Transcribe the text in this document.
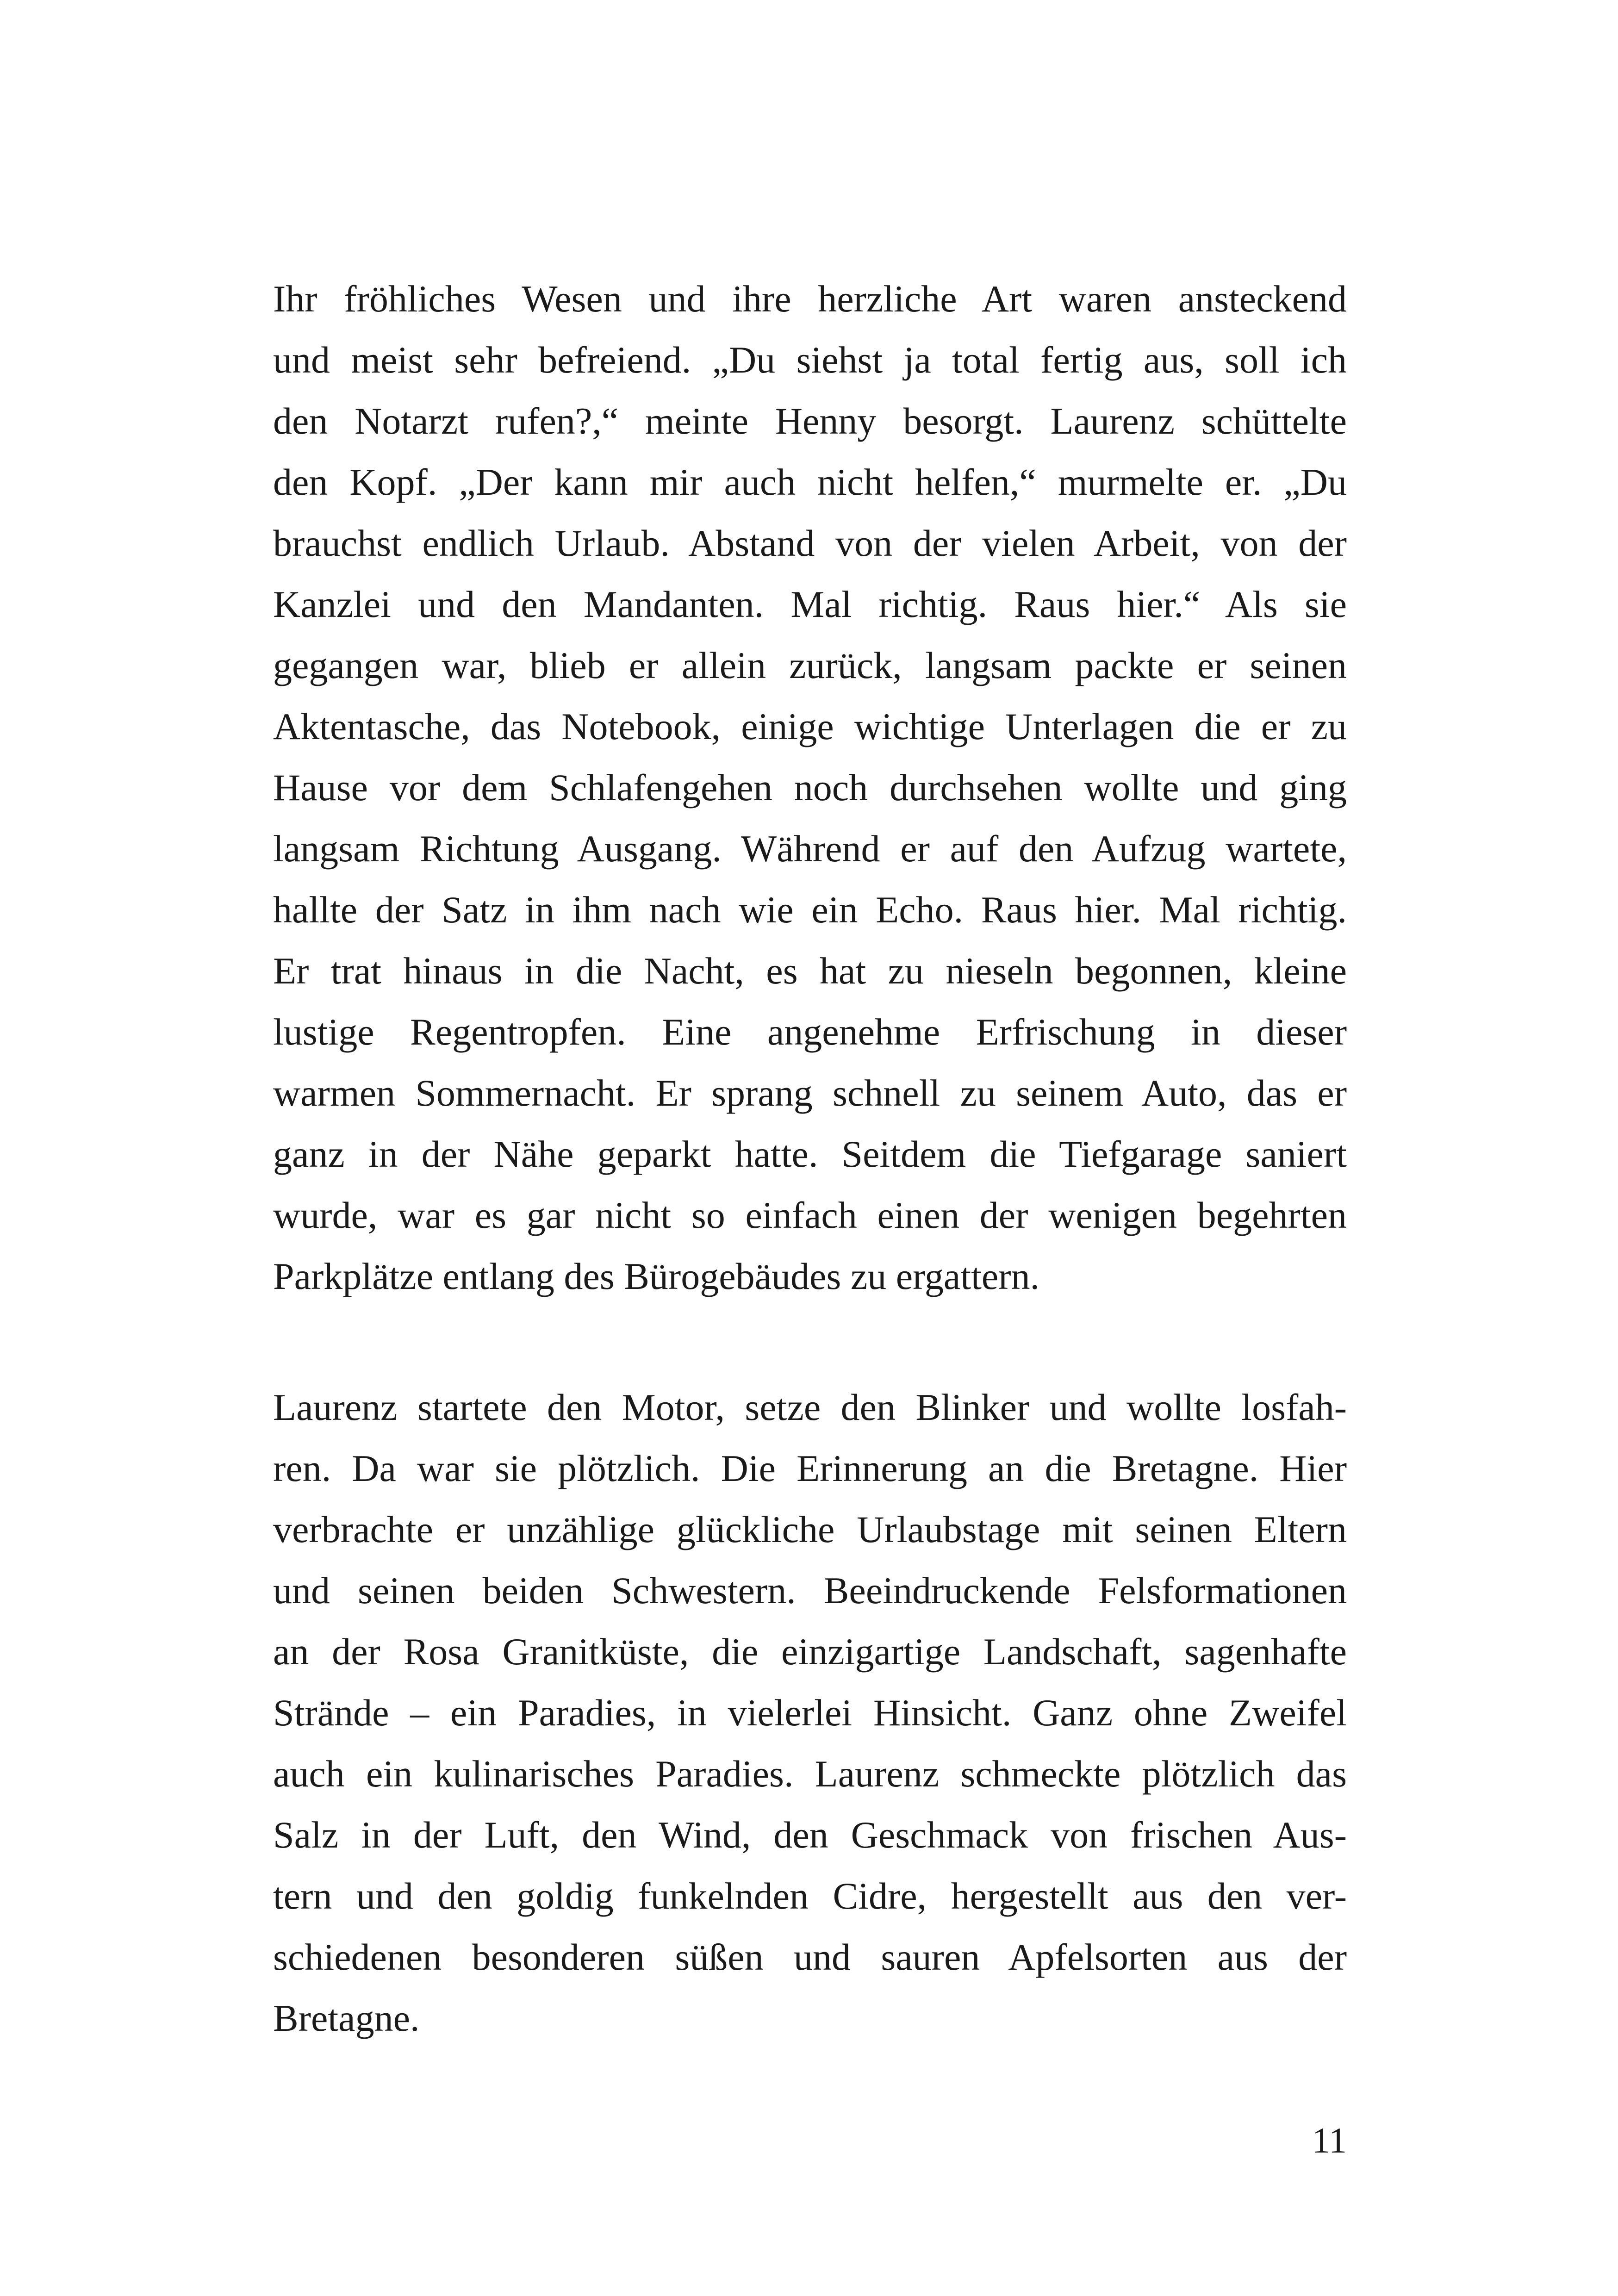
Ihr fröhliches Wesen und ihre herzliche Art waren ansteckend
und meist sehr befreiend. „Du siehst ja total fertig aus, soll ich
den Notarzt rufen?,“ meinte Henny besorgt. Laurenz schüttelte
den Kopf. „Der kann mir auch nicht helfen,“ murmelte er. „Du
brauchst endlich Urlaub. Abstand von der vielen Arbeit, von der
Kanzlei und den Mandanten. Mal richtig. Raus hier.“ Als sie
gegangen war, blieb er allein zurück, langsam packte er seinen
Aktentasche, das Notebook, einige wichtige Unterlagen die er zu
Hause vor dem Schlafengehen noch durchsehen wollte und ging
langsam Richtung Ausgang. Während er auf den Aufzug wartete,
hallte der Satz in ihm nach wie ein Echo. Raus hier. Mal richtig.
Er trat hinaus in die Nacht, es hat zu nieseln begonnen, kleine
lustige Regentropfen. Eine angenehme Erfrischung in dieser
warmen Sommernacht. Er sprang schnell zu seinem Auto, das er
ganz in der Nähe geparkt hatte. Seitdem die Tiefgarage saniert
wurde, war es gar nicht so einfach einen der wenigen begehrten
Parkplätze entlang des Bürogebäudes zu ergattern.
Laurenz startete den Motor, setze den Blinker und wollte losfah-
ren. Da war sie plötzlich. Die Erinnerung an die Bretagne. Hier
verbrachte er unzählige glückliche Urlaubstage mit seinen Eltern
und seinen beiden Schwestern. Beeindruckende Felsformationen
an der Rosa Granitküste, die einzigartige Landschaft, sagenhafte
Strände – ein Paradies, in vielerlei Hinsicht. Ganz ohne Zweifel
auch ein kulinarisches Paradies. Laurenz schmeckte plötzlich das
Salz in der Luft, den Wind, den Geschmack von frischen Aus-
tern und den goldig funkelnden Cidre, hergestellt aus den ver-
schiedenen besonderen süßen und sauren Apfelsorten aus der
Bretagne.
11
